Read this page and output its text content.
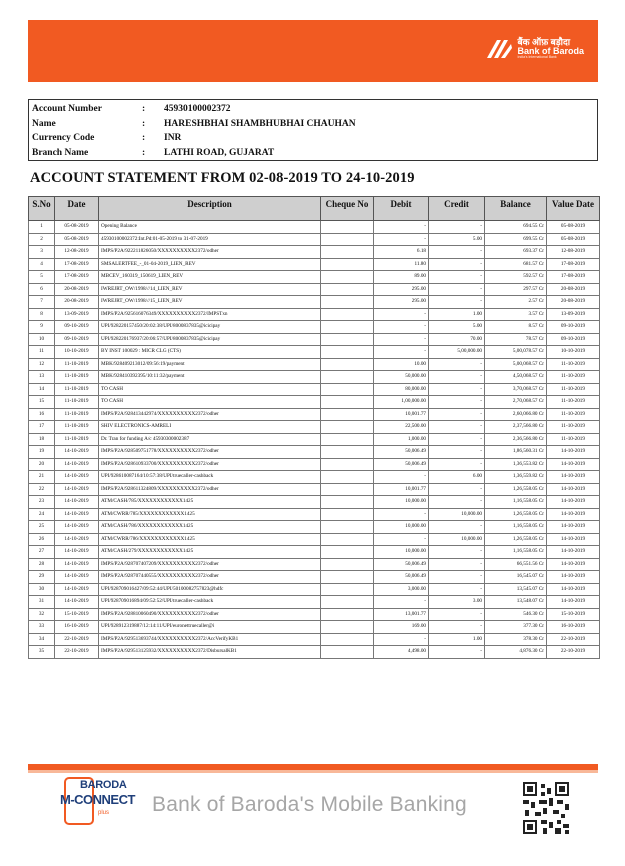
बैंक ऑफ़ बड़ौदा
Bank of Baroda
India's International Bank
Account Number	:	45930100002372
Name	:	HARESHBHAI SHAMBHUBHAI CHAUHAN
Currency Code	:	INR
Branch Name	:	LATHI ROAD, GUJARAT
ACCOUNT STATEMENT FROM 02-08-2019 TO 24-10-2019
S.No	Date	Description	Cheque No	Debit	Credit	Balance	Value Date
1	05-08-2019	Opening Balance		-	-	694.55 Cr	05-08-2019
2	05-08-2019	45930100002372:Int.Pd:01-05-2019 to 31-07-2019		-	5.00	699.55 Cr	05-08-2019
3	12-08-2019	IMPS/P2A/922211826050/XXXXXXXXXX2372/odher		6.18	-	693.37 Cr	12-08-2019
4	17-08-2019	SMSALERTFEE_-_01-04-2019_LIEN_REV		11.80	-	681.57 Cr	17-08-2019
5	17-08-2019	MBCEV_160319_150619_LIEN_REV		89.00	-	592.57 Cr	17-08-2019
6	20-08-2019	IWREJRT_OW/1998///14_LIEN_REV		295.00	-	297.57 Cr	20-08-2019
7	20-08-2019	IWREJRT_OW/1998///15_LIEN_REV		295.00	-	2.57 Cr	20-08-2019
8	13-09-2019	IMPS/P2A/925616076349/XXXXXXXXXX2372/IMPSTxn		-	1.00	3.57 Cr	13-09-2019
9	09-10-2019	UPI/928220157450/20:02:38/UPI/8000837835@icicipay		-	5.00	8.57 Cr	09-10-2019
10	09-10-2019	UPI/928220176937/20:06:57/UPI/8000837835@icicipay		-	70.00	78.57 Cr	09-10-2019
11	10-10-2019	BY INST 100029 : MICR CLG (CTS)		-	5,00,000.00	5,00,078.57 Cr	10-10-2019
12	11-10-2019	MBK/928409213012/09:56:19/payment		10.00	-	5,00,068.57 Cr	11-10-2019
13	11-10-2019	MBK/928410392395/10:11:32/payment		50,000.00	-	4,50,068.57 Cr	11-10-2019
14	11-10-2019	TO CASH		80,000.00	-	3,70,068.57 Cr	11-10-2019
15	11-10-2019	TO CASH		1,00,000.00	-	2,70,068.57 Cr	11-10-2019
16	11-10-2019	IMPS/P2A/928413442974/XXXXXXXXXX2372/odher		10,001.77	-	2,60,066.80 Cr	11-10-2019
17	11-10-2019	SHIV ELECTRONICS-AMRELI		22,500.00	-	2,37,566.80 Cr	11-10-2019
18	11-10-2019	Dr. Tran for funding A/c 45930300002387		1,000.00	-	2,36,566.80 Cr	11-10-2019
19	14-10-2019	IMPS/P2A/928509751778/XXXXXXXXXX2372/odher		50,006.49	-	1,86,560.31 Cr	14-10-2019
20	14-10-2019	IMPS/P2A/928610933700/XXXXXXXXXX2372/odher		50,006.49	-	1,36,553.82 Cr	14-10-2019
21	14-10-2019	UPI/928610087164/10:57:38/UPI/truecaller-cashback		-	6.00	1,36,559.82 Cr	14-10-2019
22	14-10-2019	IMPS/P2A/928611324809/XXXXXXXXXX2372/odher		10,001.77	-	1,26,558.05 Cr	14-10-2019
23	14-10-2019	ATM/CASH/785/XXXXXXXXXXXX1425		10,000.00	-	1,16,558.05 Cr	14-10-2019
24	14-10-2019	ATM/CWRR/785/XXXXXXXXXXXX1425		-	10,000.00	1,26,558.05 Cr	14-10-2019
25	14-10-2019	ATM/CASH/786/XXXXXXXXXXXX1425		10,000.00	-	1,16,558.05 Cr	14-10-2019
26	14-10-2019	ATM/CWRR/786/XXXXXXXXXXXX1425		-	10,000.00	1,26,558.05 Cr	14-10-2019
27	14-10-2019	ATM/CASH/279/XXXXXXXXXXXX1425		10,000.00	-	1,16,558.05 Cr	14-10-2019
28	14-10-2019	IMPS/P2A/928707407209/XXXXXXXXXX2372/odher		50,006.49	-	66,551.56 Cr	14-10-2019
29	14-10-2019	IMPS/P2A/928707440555/XXXXXXXXXX2372/odher		50,006.49	-	16,545.07 Cr	14-10-2019
30	14-10-2019	UPI/928709016427/09:52:44/UPI/50100082757823@hdfc		3,000.00	-	13,545.07 Cr	14-10-2019
31	14-10-2019	UPI/928709016894/09:52:52/UPI/truecaller-cashback		-	3.00	13,548.07 Cr	14-10-2019
32	15-10-2019	IMPS/P2A/928810060490/XXXXXXXXXX2372/odher		13,001.77	-	546.30 Cr	15-10-2019
33	16-10-2019	UPI/928912319887/12:14:11/UPI/euronettruecaller@i		169.00	-	377.30 Cr	16-10-2019
34	22-10-2019	IMPS/P2A/929513693744/XXXXXXXXXX2372/AccVerifyKB1		-	1.00	378.30 Cr	22-10-2019
35	22-10-2019	IMPS/P2A/929513125932/XXXXXXXXXX2372/DisbursalKB1		4,498.00	-	4,876.30 Cr	22-10-2019
BARODA
M-CONNECT
plus Bank of Baroda's Mobile Banking
